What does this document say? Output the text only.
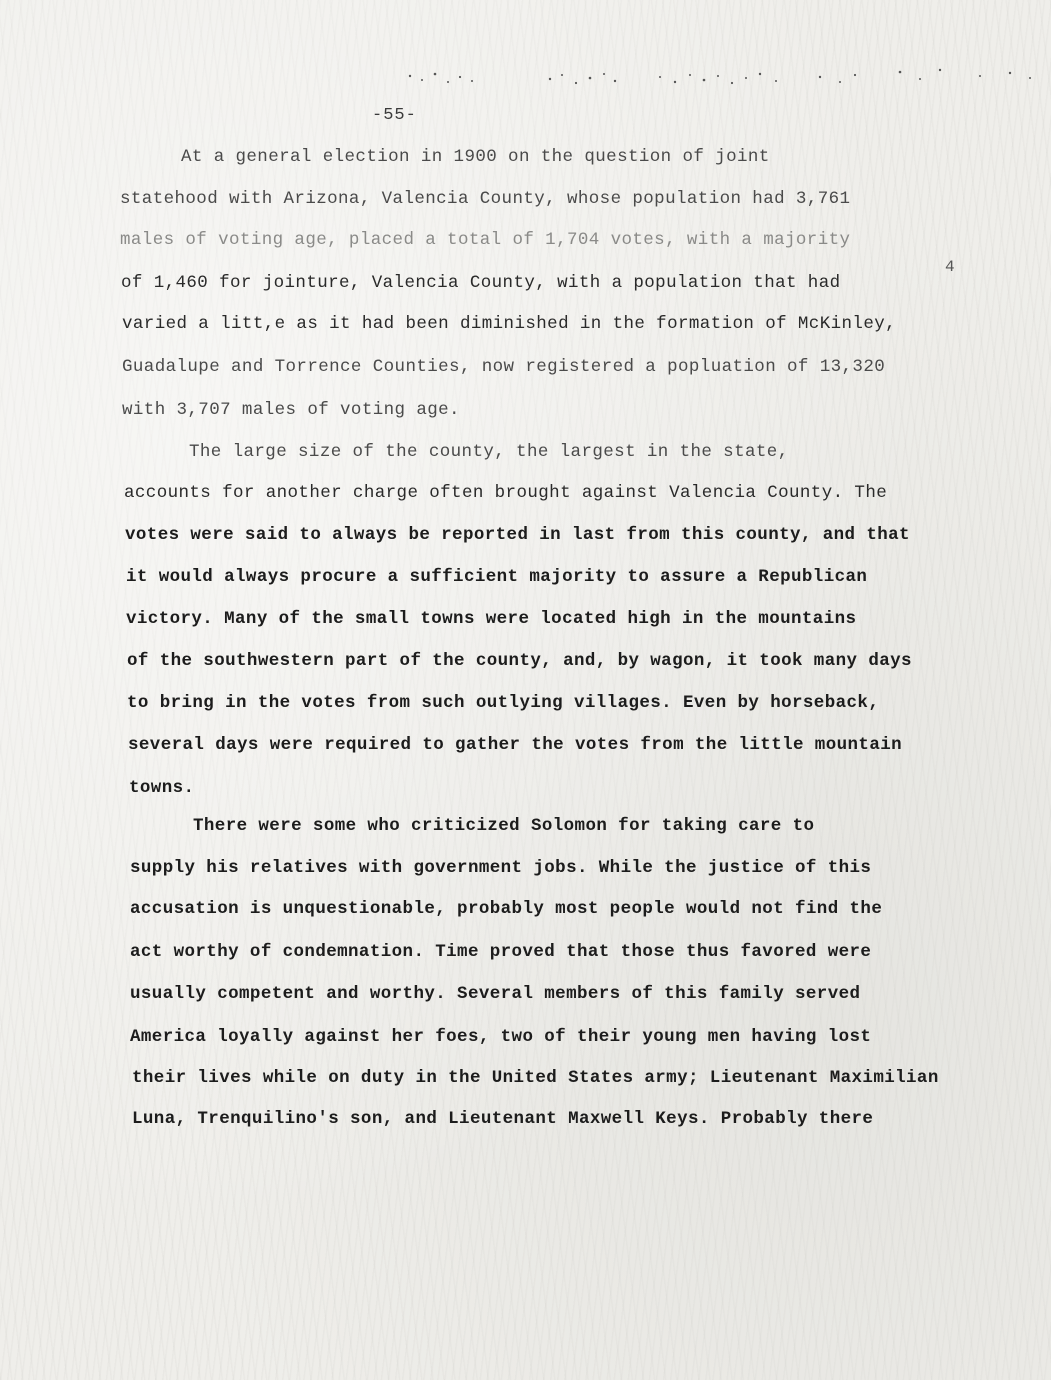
-55-
At a general election in 1900 on the question of joint
statehood with Arizona, Valencia County, whose population had 3,761
males of voting age, placed a total of 1,704 votes, with a majority
of 1,460 for jointure, Valencia County, with a population that had
varied a litt,e as it had been diminished in the formation of McKinley,
Guadalupe and Torrence Counties, now registered a popluation of 13,320
with 3,707 males of voting age.
The large size of the county, the largest in the state,
accounts for another charge often brought against Valencia County. The
votes were said to always be reported in last from this county, and that
it would always procure a sufficient majority to assure a Republican
victory. Many of the small towns were located high in the mountains
of the southwestern part of the county, and, by wagon, it took many days
to bring in the votes from such outlying villages. Even by horseback,
several days were required to gather the votes from the little mountain
towns.
There were some who criticized Solomon for taking care to
supply his relatives with government jobs. While the justice of this
accusation is unquestionable, probably most people would not find the
act worthy of condemnation. Time proved that those thus favored were
usually competent and worthy. Several members of this family served
America loyally against her foes, two of their young men having lost
their lives while on duty in the United States army; Lieutenant Maximilian
Luna, Trenquilino's son, and Lieutenant Maxwell Keys. Probably there
4
